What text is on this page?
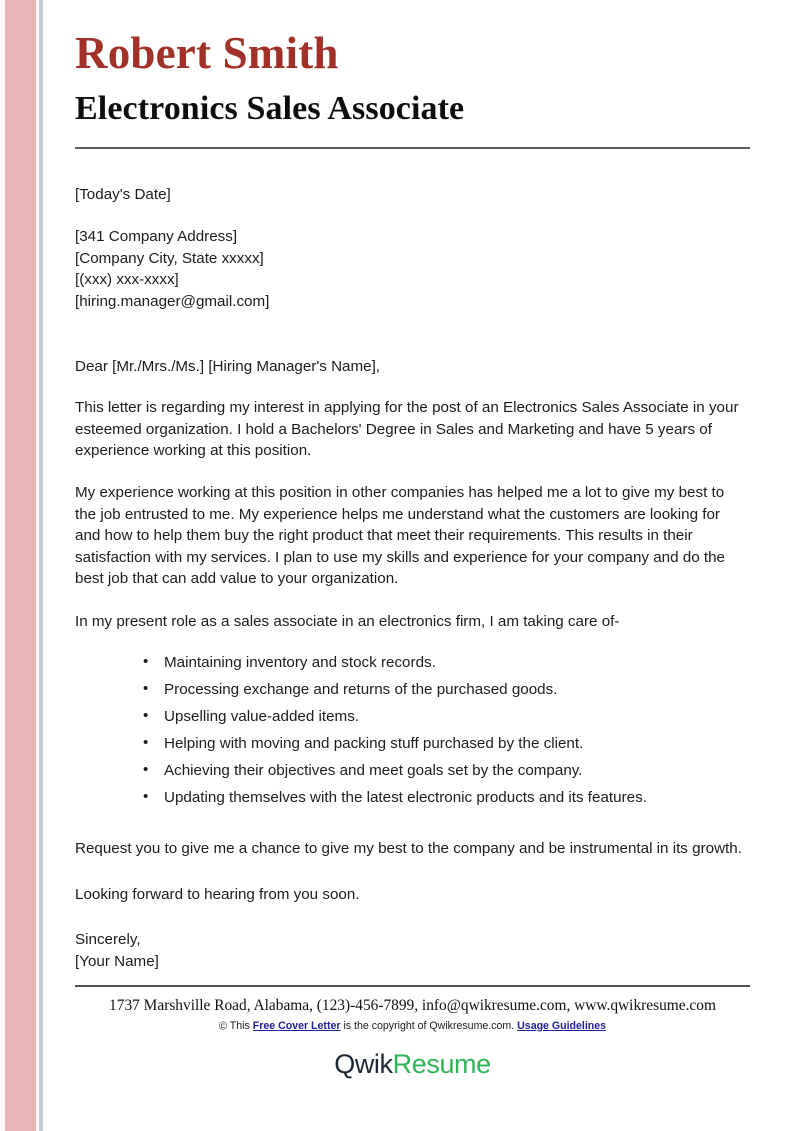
Robert Smith
Electronics Sales Associate
[Today's Date]
[341 Company Address]
[Company City, State xxxxx]
[(xxx) xxx-xxxx]
[hiring.manager@gmail.com]
Dear [Mr./Mrs./Ms.] [Hiring Manager's Name],

This letter is regarding my interest in applying for the post of an Electronics Sales Associate in your esteemed organization. I hold a Bachelors' Degree in Sales and Marketing and have 5 years of experience working at this position.

My experience working at this position in other companies has helped me a lot to give my best to the job entrusted to me. My experience helps me understand what the customers are looking for and how to help them buy the right product that meet their requirements. This results in their satisfaction with my services. I plan to use my skills and experience for your company and do the best job that can add value to your organization.

In my present role as a sales associate in an electronics firm, I am taking care of-
• Maintaining inventory and stock records.
• Processing exchange and returns of the purchased goods.
• Upselling value-added items.
• Helping with moving and packing stuff purchased by the client.
• Achieving their objectives and meet goals set by the company.
• Updating themselves with the latest electronic products and its features.

Request you to give me a chance to give my best to the company and be instrumental in its growth.

Looking forward to hearing from you soon.

Sincerely,
[Your Name]
1737 Marshville Road, Alabama, (123)-456-7899, info@qwikresume.com, www.qwikresume.com
© This Free Cover Letter is the copyright of Qwikresume.com. Usage Guidelines
QwikResume
